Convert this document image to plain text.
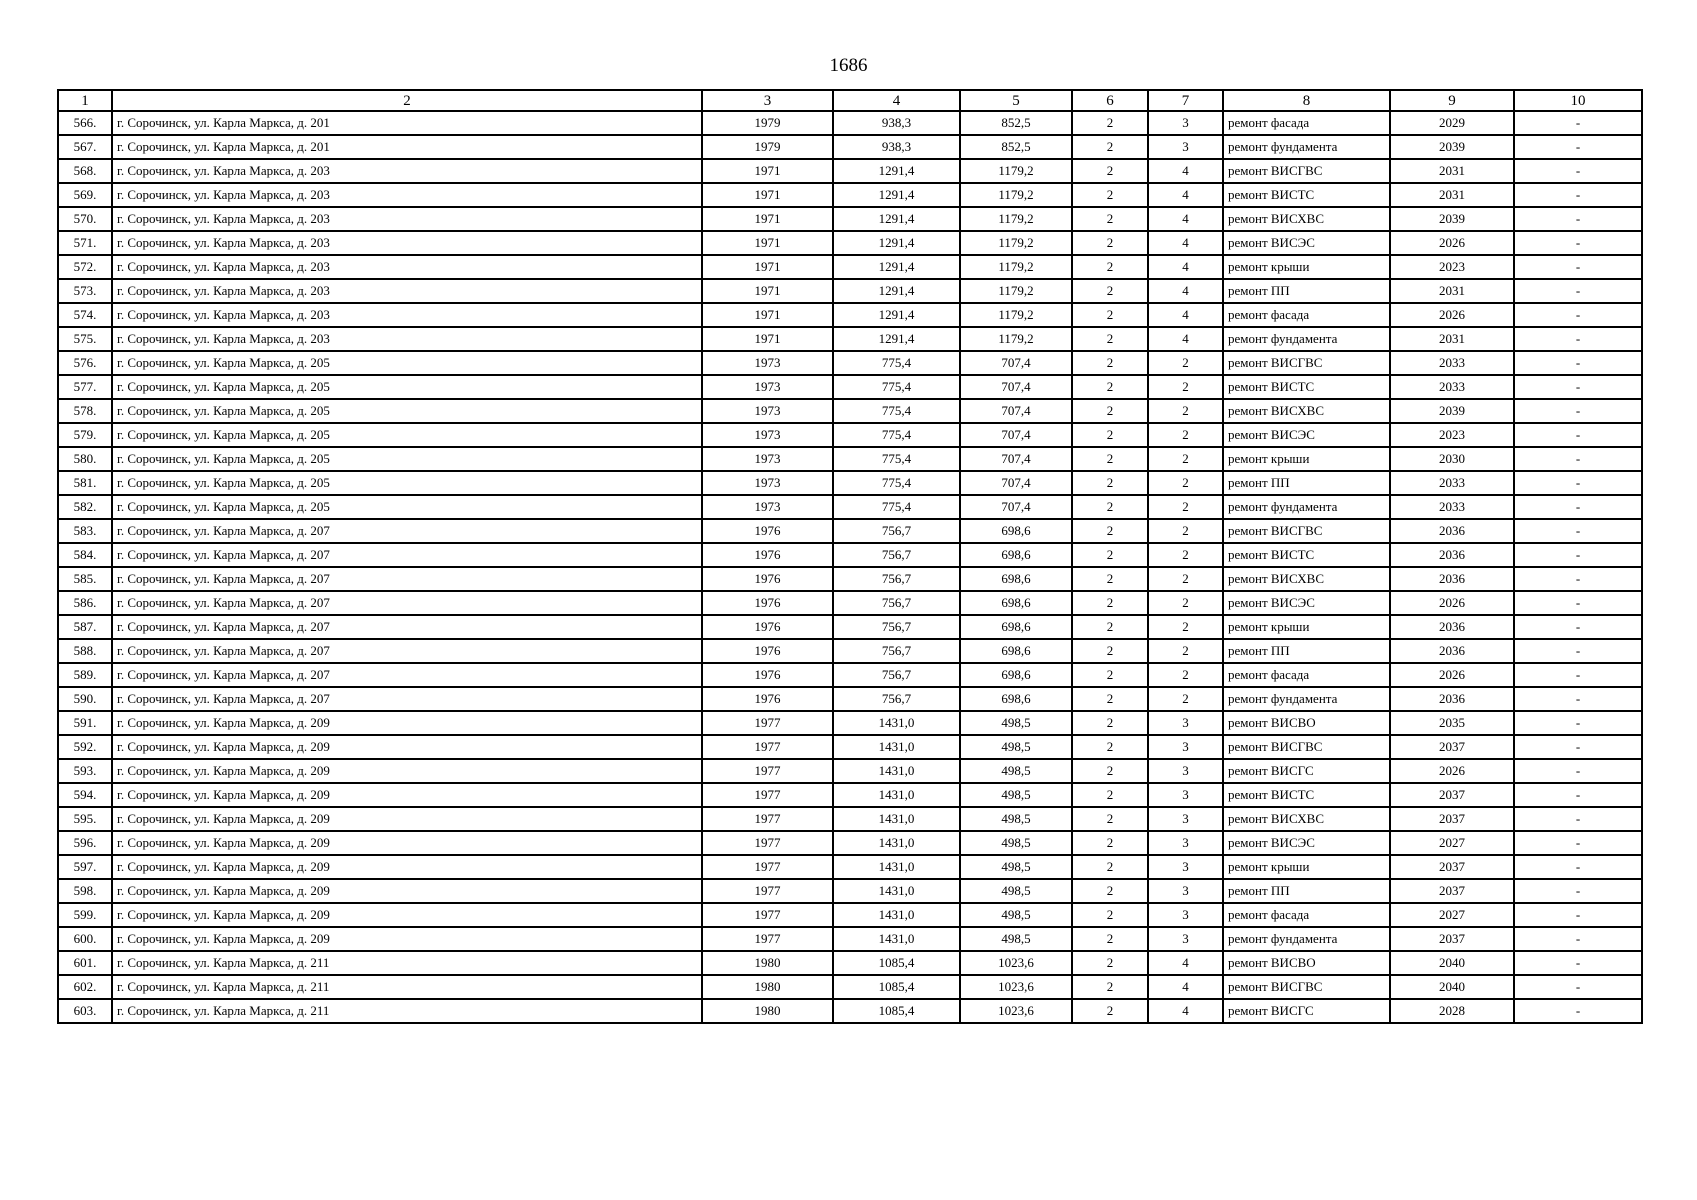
1686
1	2	3	4	5	6	7	8	9	10
566.	г. Сорочинск, ул. Карла Маркса, д. 201	1979	938,3	852,5	2	3	ремонт фасада	2029	-
567.	г. Сорочинск, ул. Карла Маркса, д. 201	1979	938,3	852,5	2	3	ремонт фундамента	2039	-
568.	г. Сорочинск, ул. Карла Маркса, д. 203	1971	1291,4	1179,2	2	4	ремонт ВИСГВС	2031	-
569.	г. Сорочинск, ул. Карла Маркса, д. 203	1971	1291,4	1179,2	2	4	ремонт ВИСТС	2031	-
570.	г. Сорочинск, ул. Карла Маркса, д. 203	1971	1291,4	1179,2	2	4	ремонт ВИСХВС	2039	-
571.	г. Сорочинск, ул. Карла Маркса, д. 203	1971	1291,4	1179,2	2	4	ремонт ВИСЭС	2026	-
572.	г. Сорочинск, ул. Карла Маркса, д. 203	1971	1291,4	1179,2	2	4	ремонт крыши	2023	-
573.	г. Сорочинск, ул. Карла Маркса, д. 203	1971	1291,4	1179,2	2	4	ремонт ПП	2031	-
574.	г. Сорочинск, ул. Карла Маркса, д. 203	1971	1291,4	1179,2	2	4	ремонт фасада	2026	-
575.	г. Сорочинск, ул. Карла Маркса, д. 203	1971	1291,4	1179,2	2	4	ремонт фундамента	2031	-
576.	г. Сорочинск, ул. Карла Маркса, д. 205	1973	775,4	707,4	2	2	ремонт ВИСГВС	2033	-
577.	г. Сорочинск, ул. Карла Маркса, д. 205	1973	775,4	707,4	2	2	ремонт ВИСТС	2033	-
578.	г. Сорочинск, ул. Карла Маркса, д. 205	1973	775,4	707,4	2	2	ремонт ВИСХВС	2039	-
579.	г. Сорочинск, ул. Карла Маркса, д. 205	1973	775,4	707,4	2	2	ремонт ВИСЭС	2023	-
580.	г. Сорочинск, ул. Карла Маркса, д. 205	1973	775,4	707,4	2	2	ремонт крыши	2030	-
581.	г. Сорочинск, ул. Карла Маркса, д. 205	1973	775,4	707,4	2	2	ремонт ПП	2033	-
582.	г. Сорочинск, ул. Карла Маркса, д. 205	1973	775,4	707,4	2	2	ремонт фундамента	2033	-
583.	г. Сорочинск, ул. Карла Маркса, д. 207	1976	756,7	698,6	2	2	ремонт ВИСГВС	2036	-
584.	г. Сорочинск, ул. Карла Маркса, д. 207	1976	756,7	698,6	2	2	ремонт ВИСТС	2036	-
585.	г. Сорочинск, ул. Карла Маркса, д. 207	1976	756,7	698,6	2	2	ремонт ВИСХВС	2036	-
586.	г. Сорочинск, ул. Карла Маркса, д. 207	1976	756,7	698,6	2	2	ремонт ВИСЭС	2026	-
587.	г. Сорочинск, ул. Карла Маркса, д. 207	1976	756,7	698,6	2	2	ремонт крыши	2036	-
588.	г. Сорочинск, ул. Карла Маркса, д. 207	1976	756,7	698,6	2	2	ремонт ПП	2036	-
589.	г. Сорочинск, ул. Карла Маркса, д. 207	1976	756,7	698,6	2	2	ремонт фасада	2026	-
590.	г. Сорочинск, ул. Карла Маркса, д. 207	1976	756,7	698,6	2	2	ремонт фундамента	2036	-
591.	г. Сорочинск, ул. Карла Маркса, д. 209	1977	1431,0	498,5	2	3	ремонт ВИСВО	2035	-
592.	г. Сорочинск, ул. Карла Маркса, д. 209	1977	1431,0	498,5	2	3	ремонт ВИСГВС	2037	-
593.	г. Сорочинск, ул. Карла Маркса, д. 209	1977	1431,0	498,5	2	3	ремонт ВИСГС	2026	-
594.	г. Сорочинск, ул. Карла Маркса, д. 209	1977	1431,0	498,5	2	3	ремонт ВИСТС	2037	-
595.	г. Сорочинск, ул. Карла Маркса, д. 209	1977	1431,0	498,5	2	3	ремонт ВИСХВС	2037	-
596.	г. Сорочинск, ул. Карла Маркса, д. 209	1977	1431,0	498,5	2	3	ремонт ВИСЭС	2027	-
597.	г. Сорочинск, ул. Карла Маркса, д. 209	1977	1431,0	498,5	2	3	ремонт крыши	2037	-
598.	г. Сорочинск, ул. Карла Маркса, д. 209	1977	1431,0	498,5	2	3	ремонт ПП	2037	-
599.	г. Сорочинск, ул. Карла Маркса, д. 209	1977	1431,0	498,5	2	3	ремонт фасада	2027	-
600.	г. Сорочинск, ул. Карла Маркса, д. 209	1977	1431,0	498,5	2	3	ремонт фундамента	2037	-
601.	г. Сорочинск, ул. Карла Маркса, д. 211	1980	1085,4	1023,6	2	4	ремонт ВИСВО	2040	-
602.	г. Сорочинск, ул. Карла Маркса, д. 211	1980	1085,4	1023,6	2	4	ремонт ВИСГВС	2040	-
603.	г. Сорочинск, ул. Карла Маркса, д. 211	1980	1085,4	1023,6	2	4	ремонт ВИСГС	2028	-
